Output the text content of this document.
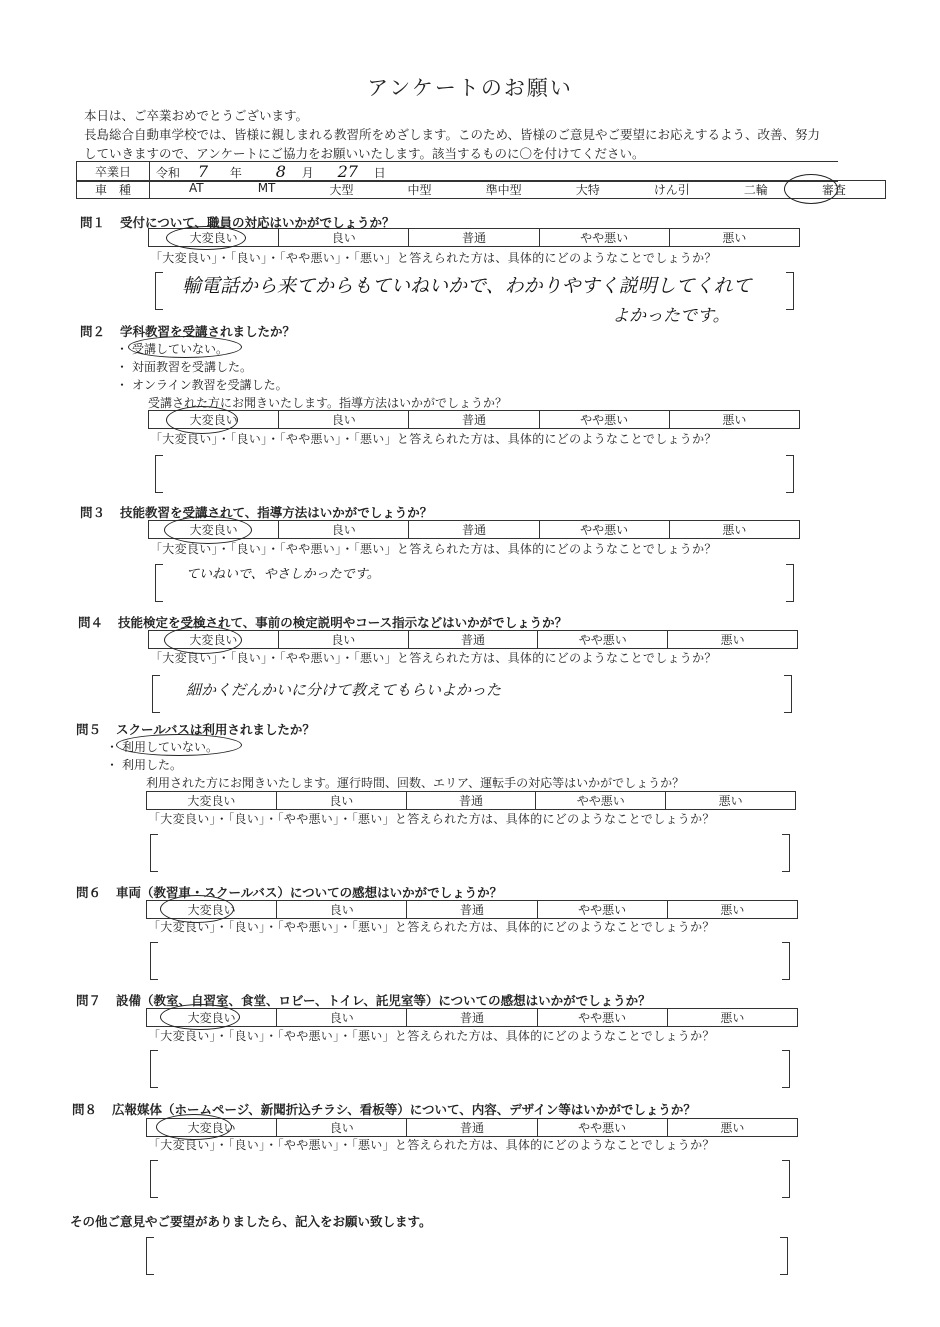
アンケートのお願い
本日は、ご卒業おめでとうございます。
長島総合自動車学校では、皆様に親しまれる教習所をめざします。このため、皆様のご意見やご要望にお応えするよう、改善、努力
していきますので、アンケートにご協力をお願いいたします。該当するものに〇を付けてください。
卒業日	令和 7 年 8 月 27 日
車　種	AT	MT	大型	中型	準中型	大特	けん引	二輪	審査
問１ 受付について、職員の対応はいかがでしょうか？
大変良い	良い	普通	やや悪い	悪い
「大変良い」・「良い」・「やや悪い」・「悪い」と答えられた方は、具体的にどのようなことでしょうか？
輸電話から来てからもていねいかで、わかりやすく説明してくれて
よかったです。
問２ 学科教習を受講されましたか？
・ 受講していない。
・ 対面教習を受講した。
・ オンライン教習を受講した。
受講された方にお聞きいたします。指導方法はいかがでしょうか？
大変良い	良い	普通	やや悪い	悪い
「大変良い」・「良い」・「やや悪い」・「悪い」と答えられた方は、具体的にどのようなことでしょうか？
問３ 技能教習を受講されて、指導方法はいかがでしょうか？
大変良い	良い	普通	やや悪い	悪い
「大変良い」・「良い」・「やや悪い」・「悪い」と答えられた方は、具体的にどのようなことでしょうか？
ていねいで、やさしかったです。
問４ 技能検定を受検されて、事前の検定説明やコース指示などはいかがでしょうか？
大変良い	良い	普通	やや悪い	悪い
「大変良い」・「良い」・「やや悪い」・「悪い」と答えられた方は、具体的にどのようなことでしょうか？
細かくだんかいに分けて教えてもらいよかった
問５ スクールバスは利用されましたか？
・ 利用していない。
・ 利用した。
利用された方にお聞きいたします。運行時間、回数、エリア、運転手の対応等はいかがでしょうか？
大変良い	良い	普通	やや悪い	悪い
「大変良い」・「良い」・「やや悪い」・「悪い」と答えられた方は、具体的にどのようなことでしょうか？
問６ 車両（教習車・スクールバス）についての感想はいかがでしょうか？
大変良い	良い	普通	やや悪い	悪い
「大変良い」・「良い」・「やや悪い」・「悪い」と答えられた方は、具体的にどのようなことでしょうか？
問７ 設備（教室、自習室、食堂、ロビー、トイレ、託児室等）についての感想はいかがでしょうか？
大変良い	良い	普通	やや悪い	悪い
「大変良い」・「良い」・「やや悪い」・「悪い」と答えられた方は、具体的にどのようなことでしょうか？
問８ 広報媒体（ホームページ、新聞折込チラシ、看板等）について、内容、デザイン等はいかがでしょうか？
大変良い	良い	普通	やや悪い	悪い
「大変良い」・「良い」・「やや悪い」・「悪い」と答えられた方は、具体的にどのようなことでしょうか？
その他ご意見やご要望がありましたら、記入をお願い致します。
